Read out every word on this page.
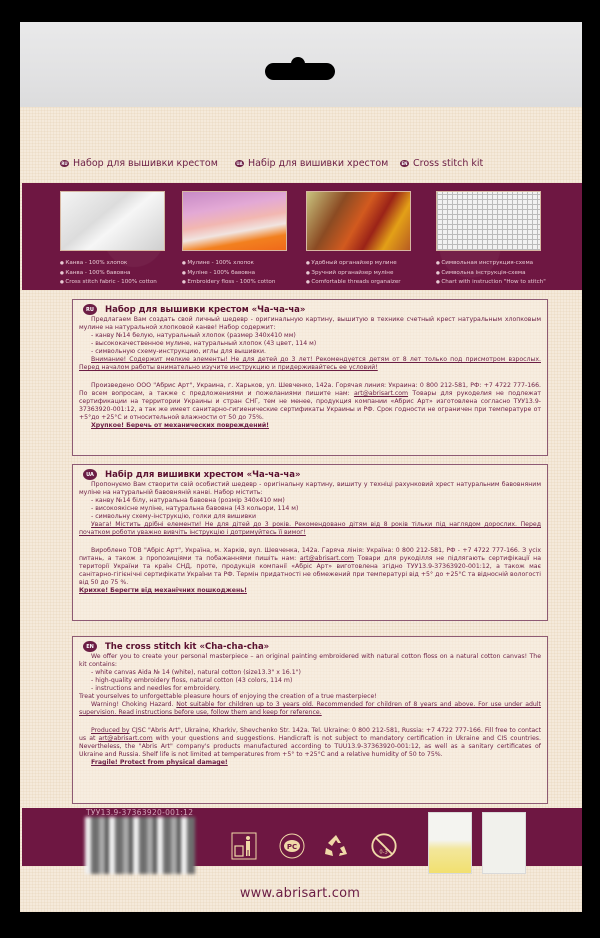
RU Набор для вышивки крестом	UA Набір для вишивки хрестом	EN Cross stitch kit
● Канва - 100% хлопок
● Канва - 100% бавовна
● Cross stitch fabric - 100% cotton
● Мулине - 100% хлопок
● Муліне - 100% бавовна
● Embroidery floss - 100% cotton
● Удобный органайзер мулине
● Зручний органайзер муліне
● Comfortable threads organaizer
● Символьная инструкция-схема
● Символьна інструкція-схема
● Chart with instruction "How to stitch"
RU	Набор для вышивки крестом «Ча-ча-ча»

Предлагаем Вам создать свой личный шедевр - оригинальную картину, вышитую в технике счетный крест натуральным хлопковым мулине на натуральной хлопковой канве! Набор содержит:

- канву №14 белую, натуральный хлопок (размер 340х410 мм)

- высококачественное мулине, натуральный хлопок (43 цвет, 114 м)

- символьную схему-инструкцию, иглы для вышивки.

Внимание! Содержит мелкие элементы! Не для детей до 3 лет! Рекомендуется детям от 8 лет только под присмотром взрослых. Перед началом работы внимательно изучите инструкцию и придерживайтесь ее условий!

Произведено ООО "Абрис Арт", Украина, г. Харьков, ул. Шевченко, 142а. Горячая линия: Украина: 0 800 212-581, РФ: +7 4722 777-166. По всем вопросам, а также с предложениями и пожеланиями пишите нам: art@abrisart.com Товары для рукоделия не подлежат сертификации на территории Украины и стран СНГ, тем не менее, продукция компании «Абрис Арт» изготовлена согласно ТУУ13.9-37363920-001:12, а так же имеет санитарно-гигиенические сертификаты Украины и РФ. Срок годности не ограничен при температуре от +5°до +25°C и относительной влажности от 50 до 75%.

Хрупкое! Беречь от механических повреждений!

UA	Набір для вишивки хрестом «Ча-ча-ча»

Пропонуємо Вам створити свій особистий шедевр - оригінальну картину, вишиту у техніці рахунковий хрест натуральним бавовняним муліне на натуральній бавовняній канві. Набор містить:

- канву №14 білу, натуральна бавовна (розмір 340х410 мм)

- високоякісне муліне, натуральна бавовна (43 кольори, 114 м)

- символьну схему-інструкцію, голки для вишивки

Увага! Містить дрібні елементи! Не для дітей до 3 років. Рекомендовано дітям від 8 років тільки під наглядом дорослих. Перед початком роботи уважно вивчіть інструкцію і дотримуйтесь її вимог!

Вироблено ТОВ "Абріс Арт", Україна, м. Харків, вул. Шевченка, 142а. Гаряча лінія: Україна: 0 800 212-581, РФ - +7 4722 777-166. З усіх питань, а також з пропозиціями та побажаннями пишіть нам: art@abrisart.com Товари для рукоділля не підлягають сертифікації на території України та країн СНД, проте, продукція компанії «Абріс Арт» виготовлена згідно ТУУ13.9-37363920-001:12, а також має санітарно-гігієнічні сертифікати України та РФ. Термін придатності не обмежений при температурі від +5° до +25°C та відносній вологості від 50 до 75 %.

Крихке! Берегти від механічних пошкоджень!

EN	The cross stitch kit «Cha-cha-cha»

We offer you to create your personal masterpiece – an original painting embroidered with natural cotton floss on a natural cotton canvas! The kit contains:

- white canvas Aida № 14 (white), natural cotton (size13.3" x 16.1")

- high-quality embroidery floss, natural cotton (43 colors, 114 m)

- instructions and needles for embroidery.

Treat yourselves to unforgettable pleasure hours of enjoying the creation of a true masterpiece!

Warning! Choking Hazard. Not suitable for children up to 3 years old. Recommended for children of 8 years and above. For use under adult supervision. Read instructions before use, follow them and keep for reference.

Produced by CJSC "Abris Art", Ukraine, Kharkiv, Shevchenko Str. 142a. Tel. Ukraine: 0 800 212-581, Russia: +7 4722 777-166. Fill free to contact us at art@abrisart.com with your questions and suggestions. Handicraft is not subject to mandatory certification in Ukraine and CIS countries. Nevertheless, the "Abris Art" company's products manufactured according to TUU13.9-37363920-001:12, as well as a sanitary certificates of Ukraine and Russia. Shelf life is not limited at temperatures from +5° to +25°C and a relative humidity of 50 to 75%.

Fragile! Protect from physical damage!

ТУУ13.9-37363920-001:12
PC
0-3
www.abrisart.com
